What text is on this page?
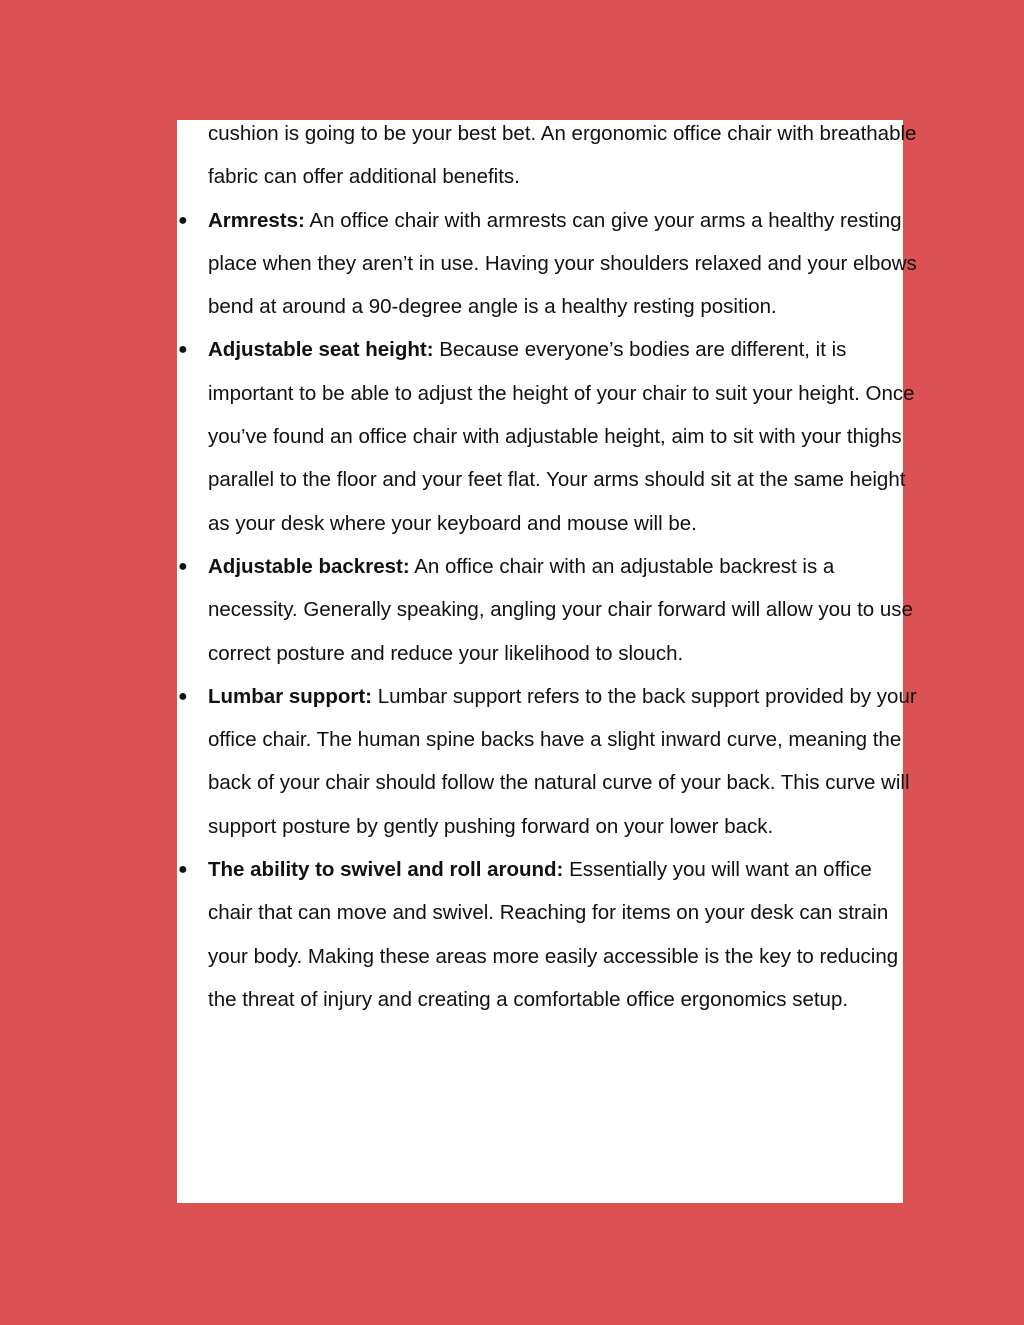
cushion is going to be your best bet. An ergonomic office chair with breathable fabric can offer additional benefits.

● Armrests: An office chair with armrests can give your arms a healthy resting place when they aren’t in use. Having your shoulders relaxed and your elbows bend at around a 90-degree angle is a healthy resting position.

● Adjustable seat height: Because everyone’s bodies are different, it is important to be able to adjust the height of your chair to suit your height. Once you’ve found an office chair with adjustable height, aim to sit with your thighs parallel to the floor and your feet flat. Your arms should sit at the same height as your desk where your keyboard and mouse will be.

● Adjustable backrest: An office chair with an adjustable backrest is a necessity. Generally speaking, angling your chair forward will allow you to use correct posture and reduce your likelihood to slouch.

● Lumbar support: Lumbar support refers to the back support provided by your office chair. The human spine backs have a slight inward curve, meaning the back of your chair should follow the natural curve of your back. This curve will support posture by gently pushing forward on your lower back.

● The ability to swivel and roll around: Essentially you will want an office chair that can move and swivel. Reaching for items on your desk can strain your body. Making these areas more easily accessible is the key to reducing the threat of injury and creating a comfortable office ergonomics setup.
